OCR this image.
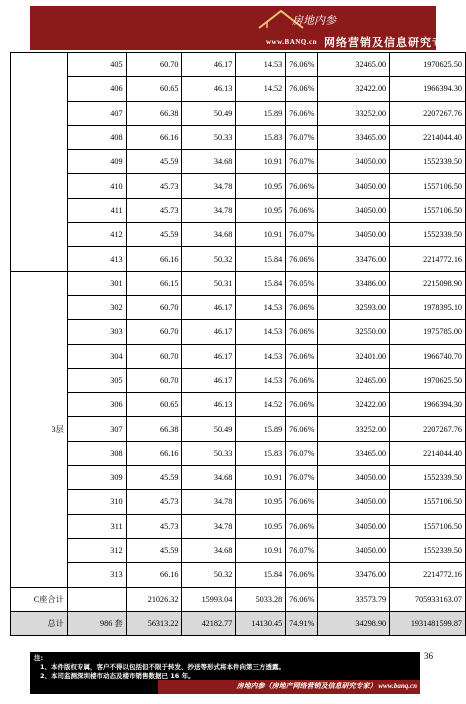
房地内参
www.BANQ.cn 网络营销及信息研究专家
	405	60.70	46.17	14.53	76.06%	32465.00	1970625.50
	406	60.65	46.13	14.52	76.06%	32422.00	1966394.30
	407	66.38	50.49	15.89	76.06%	33252.00	2207267.76
	408	66.16	50.33	15.83	76.07%	33465.00	2214044.40
	409	45.59	34.68	10.91	76.07%	34050.00	1552339.50
	410	45.73	34.78	10.95	76.06%	34050.00	1557106.50
	411	45.73	34.78	10.95	76.06%	34050.00	1557106.50
	412	45.59	34.68	10.91	76.07%	34050.00	1552339.50
	413	66.16	50.32	15.84	76.06%	33476.00	2214772.16
3层	301	66.15	50.31	15.84	76.05%	33486.00	2215098.90
	302	60.70	46.17	14.53	76.06%	32593.00	1978395.10
	303	60.70	46.17	14.53	76.06%	32550.00	1975785.00
	304	60.70	46.17	14.53	76.06%	32401.00	1966740.70
	305	60.70	46.17	14.53	76.06%	32465.00	1970625.50
	306	60.65	46.13	14.52	76.06%	32422.00	1966394.30
	307	66.38	50.49	15.89	76.06%	33252.00	2207267.76
	308	66.16	50.33	15.83	76.07%	33465.00	2214044.40
	309	45.59	34.68	10.91	76.07%	34050.00	1552339.50
	310	45.73	34.78	10.95	76.06%	34050.00	1557106.50
	311	45.73	34.78	10.95	76.06%	34050.00	1557106.50
	312	45.59	34.68	10.91	76.07%	34050.00	1552339.50
	313	66.16	50.32	15.84	76.06%	33476.00	2214772.16
C座合计		21026.32	15993.04	5033.28	76.06%	33573.79	705933163.07
总计	986 套	56313.22	42182.77	14130.45	74.91%	34298.90	1931481599.87
36
注:
1、本件版权专属，客户不得以包括但不限于转发、抄送等形式将本件向第三方透露。
2、本司监测深圳楼市动态及楼市销售数据已 16 年。
房地内参（房地产网络营销及信息研究专家） www.banq.cn
